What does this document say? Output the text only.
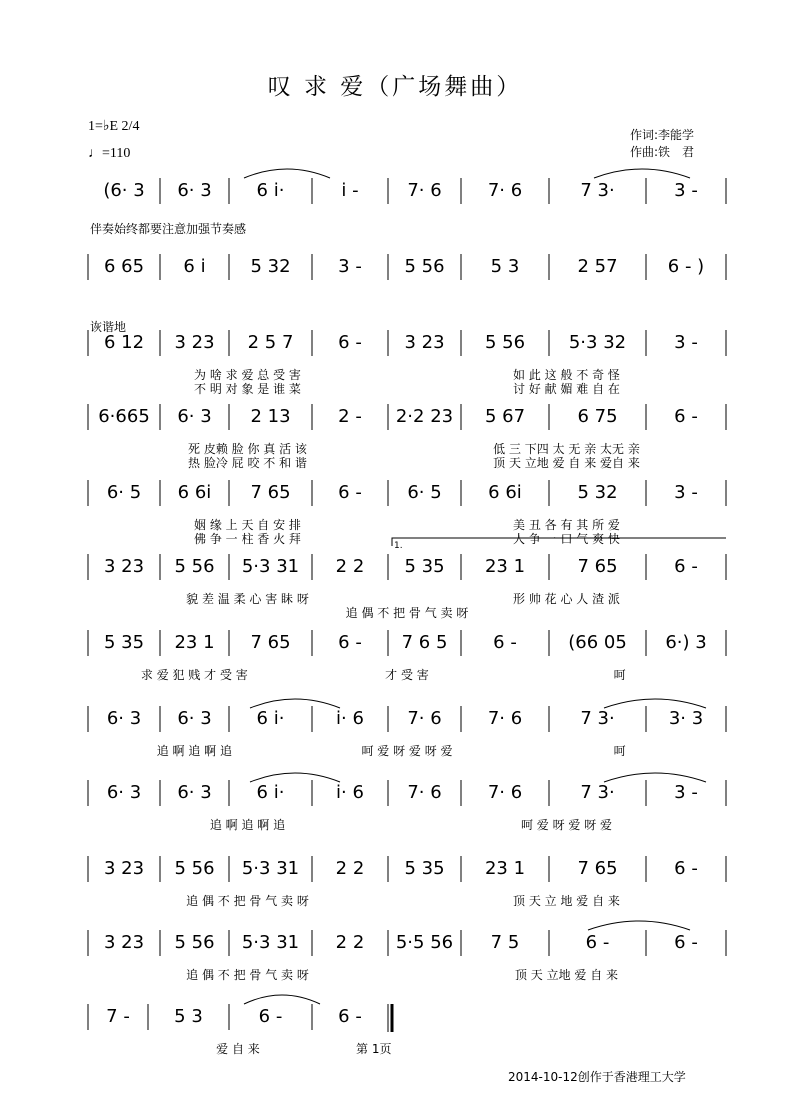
叹 求 爱（广场舞曲）
1=♭E 2/4
♩=110
作词:李能学
作曲:铁　君
伴奏始终都要注意加强节奏感
诙谐地
1.
(6· 3	6· 3	6 i·	i -	7· 6	7· 6	7 3·	3 -
6 65	6 i	5 32	3 -	5 56	5 3	2 57	6 - )
6 12	3 23	2 5 7	6 -	3 23	5 56	5·3 32	3 -
为 啥 求 爱 总 受 害	如 此 这 般 不 奇 怪
不 明 对 象 是 谁 菜	讨 好 献 媚 难 自 在
6·665	6· 3	2 13	2 -	2·2 23	5 67	6 75	6 -
死 皮赖 脸 你 真 活 该	低 三 下四 太 无 亲 太无 亲
热 脸冷 屁 咬 不 和 谐	顶 天 立地 爱 自 来 爱自 来
6· 5	6 6i	7 65	6 -	6· 5	6 6i	5 32	3 -
姻 缘 上 天 自 安 排	美 丑 各 有 其 所 爱
佛 争 一 柱 香 火 拜	人 争 一 口 气 爽 快
3 23	5 56	5·3 31	2 2	5 35	23 1	7 65	6 -
貌 差 温 柔 心 害 眛 呀	形 帅 花 心 人 渣 派
追 偶 不 把 骨 气 卖 呀
5 35	23 1	7 65	6 -	7 6 5	6 -	(66 05	6·) 3
求 爱 犯 贱 才 受 害	才 受 害	呵
6· 3	6· 3	6 i·	i· 6	7· 6	7· 6	7 3·	3· 3
追 啊 追 啊 追	呵 爱 呀 爱 呀 爱	呵
6· 3	6· 3	6 i·	i· 6	7· 6	7· 6	7 3·	3 -
追 啊 追 啊 追	呵 爱 呀 爱 呀 爱
3 23	5 56	5·3 31	2 2	5 35	23 1	7 65	6 -
追 偶 不 把 骨 气 卖 呀	顶 天 立 地 爱 自 来
3 23	5 56	5·3 31	2 2	5·5 56	7 5	6 -	6 -
追 偶 不 把 骨 气 卖 呀	顶 天 立地 爱 自 来
7 -	5 3	6 -	6 -
爱 自 来	第 1页
2014-10-12创作于香港理工大学
